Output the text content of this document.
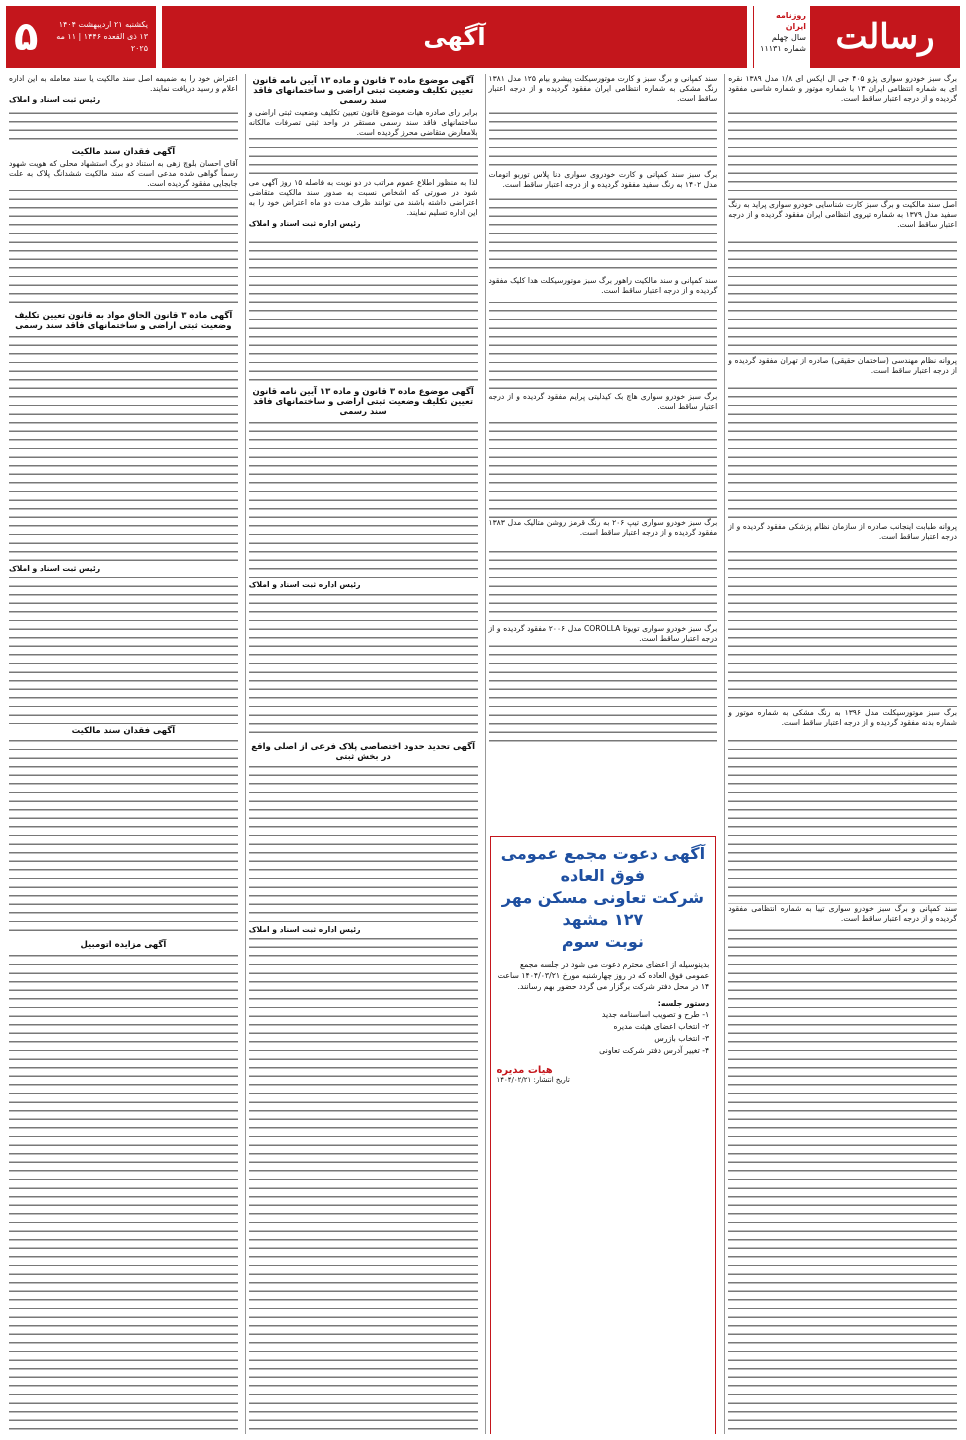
رسالت
روزنامه
ایران
سال چهلم
شماره ۱۱۱۳۱
آگهی
یکشنبه ۲۱ اردیبهشت ۱۴۰۴
۱۳ ذی القعده ۱۴۴۶ | ۱۱ مه ۲۰۲۵
۵
برگ سبز خودرو سواری پژو ۴۰۵ جی ال ایکس ای ۱/۸ مدل ۱۳۸۹ نقره ای به شماره انتظامی ایران ۱۳ با شماره موتور و شماره شاسی مفقود گردیده و از درجه اعتبار ساقط است.
اصل سند مالکیت و برگ سبز کارت شناسایی خودرو سواری پراید به رنگ سفید مدل ۱۳۷۹ به شماره تیروی انتظامی ایران مفقود گردیده و از درجه اعتبار ساقط است.
پروانه نظام مهندسی (ساختمان حقیقی) صادره از تهران مفقود گردیده و از درجه اعتبار ساقط است.
پروانه طبابت اینجانب صادره از سازمان نظام پزشکی مفقود گردیده و از درجه اعتبار ساقط است.
برگ سبز موتورسیکلت مدل ۱۳۹۶ به رنگ مشکی به شماره موتور و شماره بدنه مفقود گردیده و از درجه اعتبار ساقط است.
سند کمپانی و برگ سبز خودرو سواری تیبا به شماره انتظامی مفقود گردیده و از درجه اعتبار ساقط است.
سند کمپانی و برگ سبز و کارت موتورسیکلت پیشرو بیام ۱۲۵ مدل ۱۳۸۱ رنگ مشکی به شماره انتظامی ایران مفقود گردیده و از درجه اعتبار ساقط است.
برگ سبز سند کمپانی و کارت خودروی سواری دنا پلاس توربو اتومات مدل ۱۴۰۲ به رنگ سفید مفقود گردیده و از درجه اعتبار ساقط است.
سند کمپانی و سند مالکیت راهور برگ سبز موتورسیکلت هدا کلیک مفقود گردیده و از درجه اعتبار ساقط است.
برگ سبز خودرو سواری هاچ بک کیدلیتی پرایم مفقود گردیده و از درجه اعتبار ساقط است.
برگ سبز خودرو سواری تیپ ۲۰۶ به رنگ قرمز روشن متالیک مدل ۱۳۸۳ مفقود گردیده و از درجه اعتبار ساقط است.
برگ سبز خودرو سواری تویوتا COROLLA مدل ۲۰۰۶ مفقود گردیده و از درجه اعتبار ساقط است.
آگهی دعوت مجمع عمومی فوق العاده
شرکت تعاونی مسکن مهر ۱۲۷ مشهد
نوبت سوم
بدینوسیله از اعضای محترم دعوت می شود در جلسه مجمع عمومی فوق العاده که در روز چهارشنبه مورخ ۱۴۰۴/۰۳/۲۱ ساعت ۱۴ در محل دفتر شرکت برگزار می گردد حضور بهم رسانند.
دستور جلسه:
۱- طرح و تصویب اساسنامه جدید
۲- انتخاب اعضای هیئت مدیره
۳- انتخاب بازرس
۴- تغییر آدرس دفتر شرکت تعاونی
هیات مدیره
تاریخ انتشار: ۱۴۰۴/۰۲/۲۱
آگهی موضوع ماده ۳ قانون و ماده ۱۳ آیین نامه قانون تعیین تکلیف وضعیت ثبتی اراضی و ساختمانهای فاقد سند رسمی
برابر رای صادره هیات موضوع قانون تعیین تکلیف وضعیت ثبتی اراضی و ساختمانهای فاقد سند رسمی مستقر در واحد ثبتی تصرفات مالکانه بلامعارض متقاضی محرز گردیده است.
لذا به منظور اطلاع عموم مراتب در دو نوبت به فاصله ۱۵ روز آگهی می شود در صورتی که اشخاص نسبت به صدور سند مالکیت متقاضی اعتراضی داشته باشند می توانند ظرف مدت دو ماه اعتراض خود را به این اداره تسلیم نمایند.
رئیس اداره ثبت اسناد و املاک
آگهی موضوع ماده ۳ قانون و ماده ۱۳ آیین نامه قانون تعیین تکلیف وضعیت ثبتی اراضی و ساختمانهای فاقد سند رسمی
رئیس اداره ثبت اسناد و املاک
آگهی تحدید حدود اختصاصی پلاک فرعی از اصلی واقع در بخش ثبتی
رئیس اداره ثبت اسناد و املاک
اعتراض خود را به ضمیمه اصل سند مالکیت یا سند معامله به این اداره اعلام و رسید دریافت نمایند.
رئیس ثبت اسناد و املاک
آگهی فقدان سند مالکیت
آقای احسان بلوچ زهی به استناد دو برگ استشهاد محلی که هویت شهود رسماً گواهی شده مدعی است که سند مالکیت ششدانگ پلاک به علت جابجایی مفقود گردیده است.
آگهی ماده ۳ قانون الحاق مواد به قانون تعیین تکلیف وضعیت ثبتی اراضی و ساختمانهای فاقد سند رسمی
رئیس ثبت اسناد و املاک
آگهی فقدان سند مالکیت
آگهی مزایده اتومبیل
